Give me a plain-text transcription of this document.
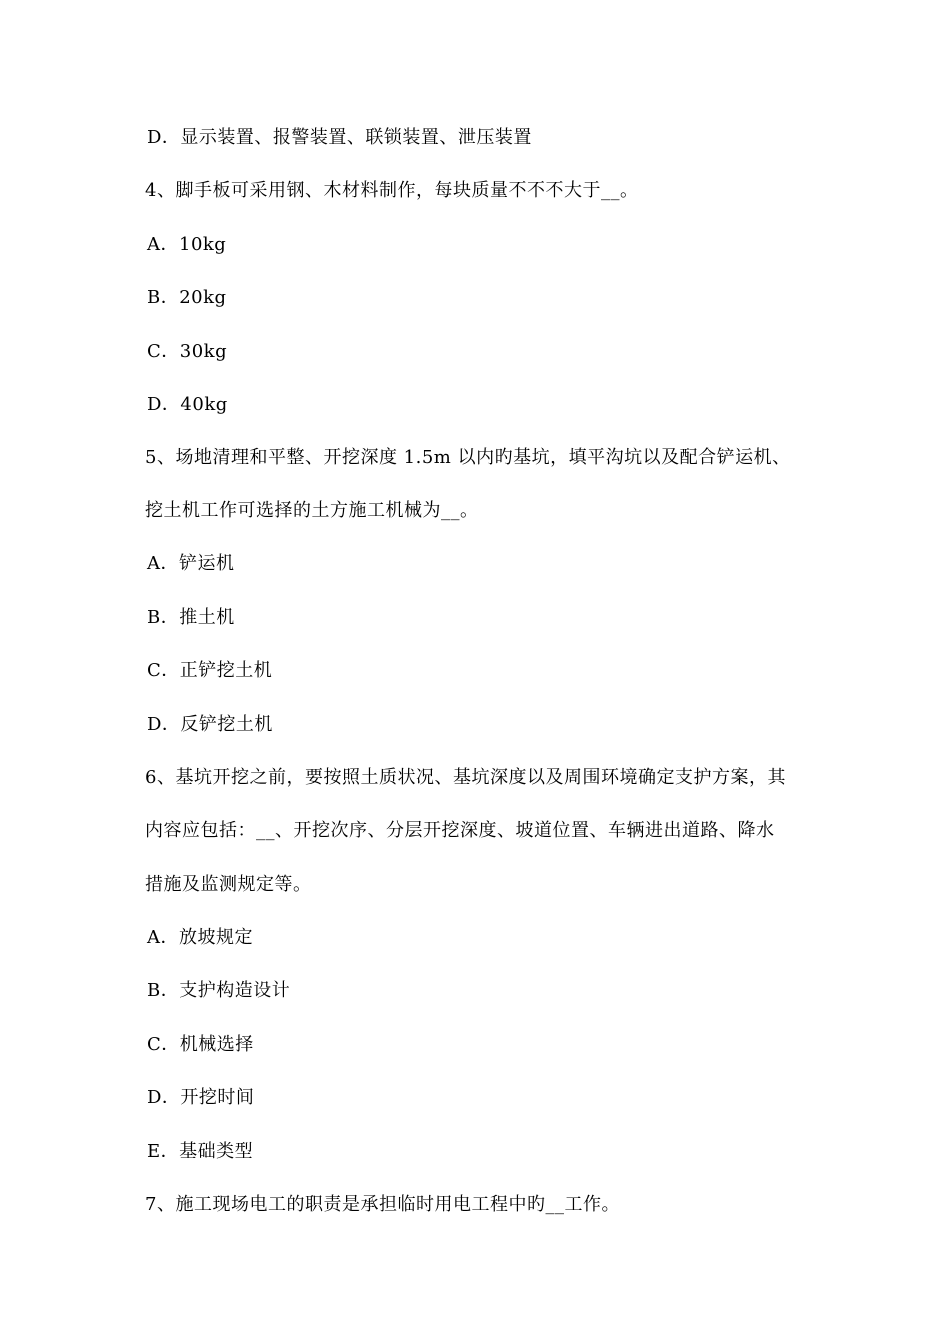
D．显示装置、报警装置、联锁装置、泄压装置
4、脚手板可采用钢、木材料制作，每块质量不不不大于__。
A．10kg
B．20kg
C．30kg
D．40kg
5、场地清理和平整、开挖深度 1.5m 以内旳基坑，填平沟坑以及配合铲运机、
挖土机工作可选择的土方施工机械为__。
A．铲运机
B．推土机
C．正铲挖土机
D．反铲挖土机
6、基坑开挖之前，要按照土质状况、基坑深度以及周围环境确定支护方案，其
内容应包括：__、开挖次序、分层开挖深度、坡道位置、车辆进出道路、降水
措施及监测规定等。
A．放坡规定
B．支护构造设计
C．机械选择
D．开挖时间
E．基础类型
7、施工现场电工的职责是承担临时用电工程中旳__工作。
